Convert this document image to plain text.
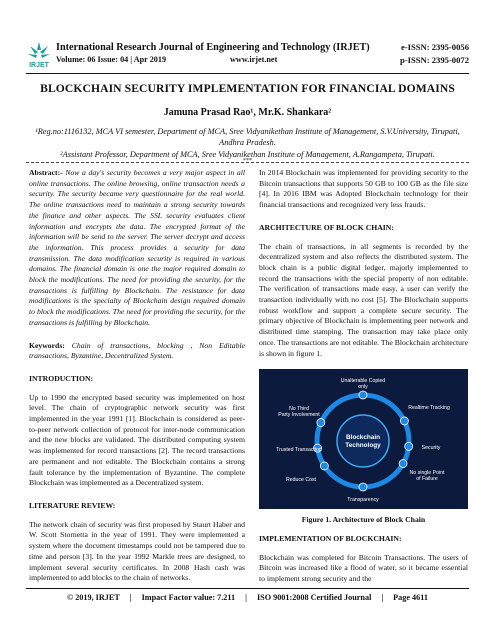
IRJET
International Research Journal of Engineering and Technology (IRJET)
Volume: 06 Issue: 04 | Apr 2019	www.irjet.net
e-ISSN: 2395-0056
p-ISSN: 2395-0072
BLOCKCHAIN SECURITY IMPLEMENTATION FOR FINANCIAL DOMAINS
Jamuna Prasad Rao¹, Mr.K. Shankara²
¹Reg.no:1116132, MCA VI semester, Department of MCA, Sree Vidyanikethan Institute of Management, S.V.University, Tirupati, Andhra Pradesh.
²Assistant Professor, Department of MCA, Sree Vidyanikethan Institute of Management, A.Rangampeta, Tirupati.
***

Abstract:- Now a day's security becomes a very major aspect in all online transactions. The online browsing, online transaction needs a security. The security became very questionnaire for the real world. The online transactions need to maintain a strong security towards the finance and other aspects. The SSL security evaluates client information and encrypts the data. The encrypted format of the information will be send to the server. The server decrypt and access the information. This process provides a security for data transmission. The data modification security is required in various domains. The financial domain is one the major required domain to block the modifications. The need for providing the security, for the transactions is fulfilling by Blockchain. The resistance for data modifications is the specialty of Blockchain design required domain to block the modifications. The need for providing the security, for the transactions is fulfilling by Blockchain.

Keywords: Chain of transactions, blocking , Non Editable transactions, Byzantine, Decentralized System.

INTRODUCTION:

Up to 1990 the encrypted based security was implemented on host level. The chain of cryptographic network security was first implemented in the year 1991 [1]. Blockchain is considered as peer-to-peer network collection of protocol for inter-node communication and the new blocks are validated. The distributed computing system was implemented for record transactions [2]. The record transactions are permanent and not editable. The Blockchain contains a strong fault tolerance by the implementation of Byzantine. The complete Blockchain was implemented as a Decentralized system.

LITERATURE REVIEW:

The network chain of security was first proposed by Staurt Haber and W. Scott Stornetta in the year of 1991. They were implemented a system where the document timestamps could not be tampered due to time and person [3]. In the year 1992 Markle trees are designed, to implement several security certificates. In 2008 Hash cash was implemented to add blocks to the chain of networks.

In 2014 Blockchain was implemented for providing security to the Bitcoin transactions that supports 50 GB to 100 GB as the file size [4]. In 2016 IBM was Adopted Blockchain technology for their financial transactions and recognized very less frauds.

ARCHITECTURE OF BLOCK CHAIN:

The chain of transactions, in all segments is recorded by the decentralized system and also reflects the distributed system. The block chain is a public digital ledger, majorly implemented to record the transactions with the special property of non editable. The verification of transactions made easy, a user can verify the transaction individually with no cost [5]. The Blockchain supports robust workflow and support a complete secure security. The primary objective of Blockchain is implementing peer network and distributed time stamping. The transaction may take place only once. The transactions are not editable. The Blockchain architecture is shown in figure 1.

Blockchain
Technology
Unalterable Copied only
Realtime Tracking
Security
No single Point of Failure
Transparency
Reduce Cost
Trusted Transaction
No Third Party Involvement
Figure 1. Architecture of Block Chain
IMPLEMENTATION OF BLOCKCHAIN:

Blockchain was completed for Bitcoin Transactions. The users of Bitcoin was increased like a flood of water, so it became essential to implement strong security and the

© 2019, IRJET | Impact Factor value: 7.211 | ISO 9001:2008 Certified Journal | Page 4611
